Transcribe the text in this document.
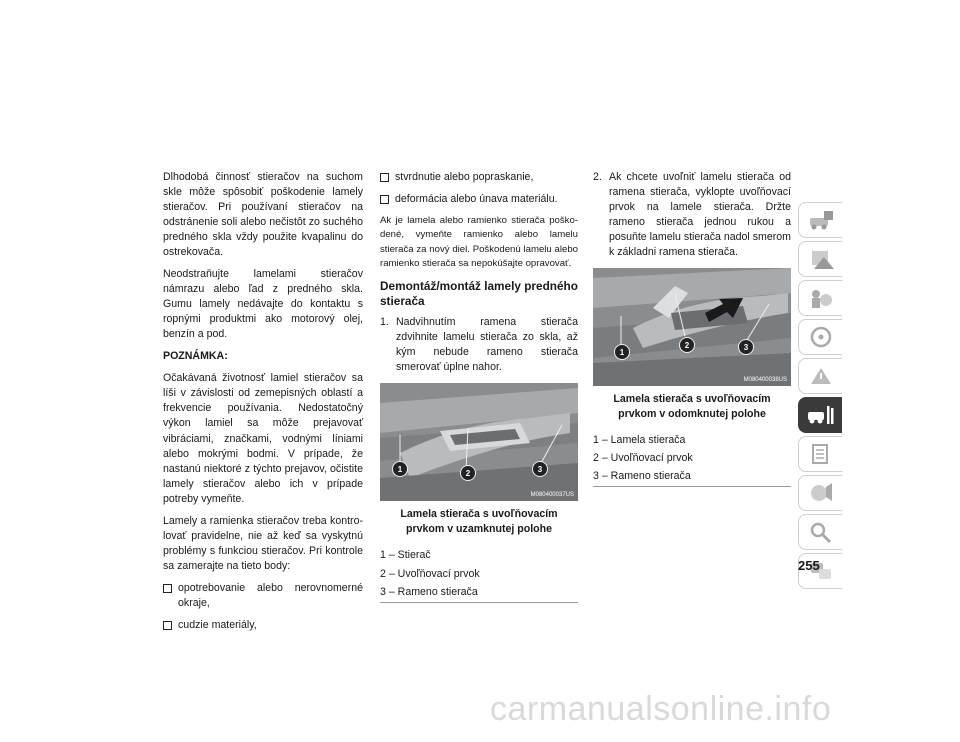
Dlhodobá činnosť stieračov na suchom skle môže spôsobiť poškodenie lamely stieračov. Pri používaní stieračov na odstránenie soli alebo nečistôt zo suchého predného skla vždy použite kvapalinu do ostrekovača.

Neodstraňujte lamelami stieračov námrazu alebo ľad z predného skla. Gumu lamely nedávajte do kontaktu s ropnými produktmi ako motorový olej, benzín a pod.

POZNÁMKA:

Očakávaná životnosť lamiel stieračov sa líši v závislosti od zemepisných oblastí a frekvencie používania. Nedostatočný výkon lamiel sa môže prejavovať vibráciami, značkami, vodnými líniami alebo mokrými bodmi. V prípade, že nastanú niektoré z týchto prejavov, očistite lamely stieračov alebo ich v prípade potreby vymeňte.

Lamely a ramienka stieračov treba kontrolovať pravidelne, nie až keď sa vyskytnú problémy s funkciou stieračov. Pri kontrole sa zamerajte na tieto body:

opotrebovanie alebo nerovnomerné okraje,
cudzie materiály,
stvrdnutie alebo popraskanie,
deformácia alebo únava materiálu.

Ak je lamela alebo ramienko stierača poškodené, vymeňte ramienko alebo lamelu stierača za nový diel. Poškodenú lamelu alebo ramienko stierača sa nepokúšajte opravovať.

Demontáž/montáž lamely predného stierača
1. Nadvihnutím ramena stierača zdvihnite lamelu stierača zo skla, až kým nebude rameno stierača smerovať úplne nahor.
1	2	3
M080400037US
Lamela stierača s uvoľňovacím prvkom v uzamknutej polohe
1 – Stierač
2 – Uvoľňovací prvok
3 – Rameno stierača
2. Ak chcete uvoľniť lamelu stierača od ramena stierača, vyklopte uvoľňovací prvok na lamele stierača. Držte rameno stierača jednou rukou a posuňte lamelu stierača nadol smerom k základni ramena stierača.
1
2	3
M080400038US
Lamela stierača s uvoľňovacím prvkom v odomknutej polohe
1 – Lamela stierača
2 – Uvoľňovací prvok
3 – Rameno stierača
255
carmanualsonline.info
